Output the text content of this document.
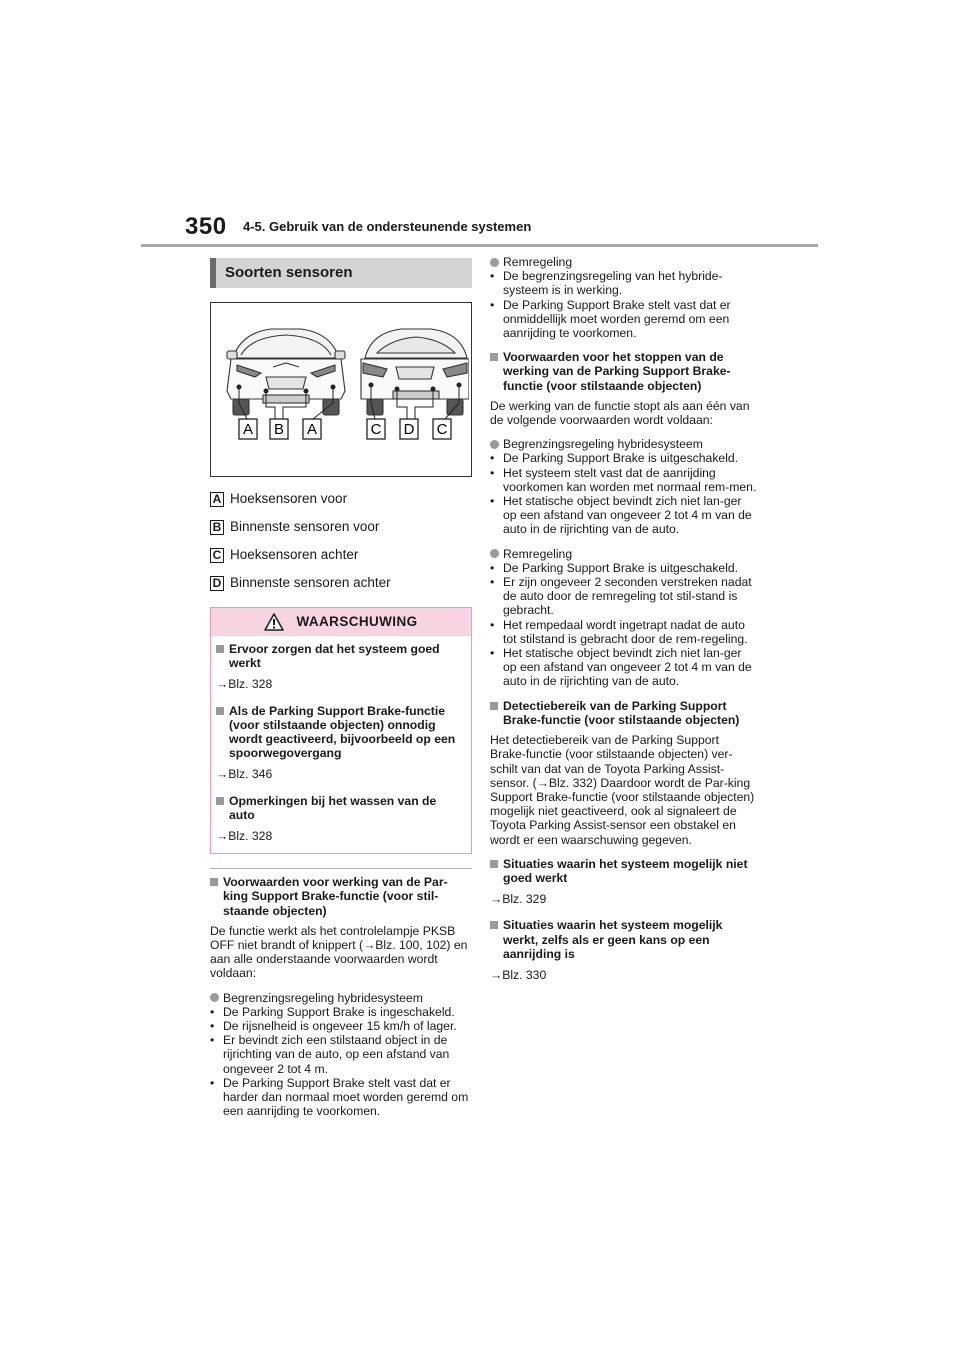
350 4-5. Gebruik van de ondersteunende systemen
Soorten sensoren
A B A	C D C
A Hoeksensoren voor
B Binnenste sensoren voor
C Hoeksensoren achter
D Binnenste sensoren achter
WAARSCHUWING
Ervoor zorgen dat het systeem goed werkt

→Blz. 328

Als de Parking Support Brake-functie (voor stilstaande objecten) onnodig wordt geactiveerd, bijvoorbeeld op een spoorwegovergang

→Blz. 346

Opmerkingen bij het wassen van de auto

→Blz. 328

Voorwaarden voor werking van de Par-king Support Brake-functie (voor stil-staande objecten)

De functie werkt als het controlelampje PKSB OFF niet brandt of knippert (→Blz. 100, 102) en aan alle onderstaande voorwaarden wordt voldaan:

Begrenzingsregeling hybridesysteem
• De Parking Support Brake is ingeschakeld.
• De rijsnelheid is ongeveer 15 km/h of lager.
• Er bevindt zich een stilstaand object in de rijrichting van de auto, op een afstand van ongeveer 2 tot 4 m.
• De Parking Support Brake stelt vast dat er harder dan normaal moet worden geremd om een aanrijding te voorkomen.
Remregeling
• De begrenzingsregeling van het hybride-systeem is in werking.
• De Parking Support Brake stelt vast dat er onmiddellijk moet worden geremd om een aanrijding te voorkomen.
Voorwaarden voor het stoppen van de werking van de Parking Support Brake-functie (voor stilstaande objecten)

De werking van de functie stopt als aan één van de volgende voorwaarden wordt voldaan:

Begrenzingsregeling hybridesysteem
• De Parking Support Brake is uitgeschakeld.
• Het systeem stelt vast dat de aanrijding voorkomen kan worden met normaal rem-men.
• Het statische object bevindt zich niet lan-ger op een afstand van ongeveer 2 tot 4 m van de auto in de rijrichting van de auto.
Remregeling
• De Parking Support Brake is uitgeschakeld.
• Er zijn ongeveer 2 seconden verstreken nadat de auto door de remregeling tot stil-stand is gebracht.
• Het rempedaal wordt ingetrapt nadat de auto tot stilstand is gebracht door de rem-regeling.
• Het statische object bevindt zich niet lan-ger op een afstand van ongeveer 2 tot 4 m van de auto in de rijrichting van de auto.
Detectiebereik van de Parking Support Brake-functie (voor stilstaande objecten)

Het detectiebereik van de Parking Support Brake-functie (voor stilstaande objecten) ver-schilt van dat van de Toyota Parking Assist-sensor. (→Blz. 332) Daardoor wordt de Par-king Support Brake-functie (voor stilstaande objecten) mogelijk niet geactiveerd, ook al signaleert de Toyota Parking Assist-sensor een obstakel en wordt er een waarschuwing gegeven.

Situaties waarin het systeem mogelijk niet goed werkt

→Blz. 329

Situaties waarin het systeem mogelijk werkt, zelfs als er geen kans op een aanrijding is

→Blz. 330
